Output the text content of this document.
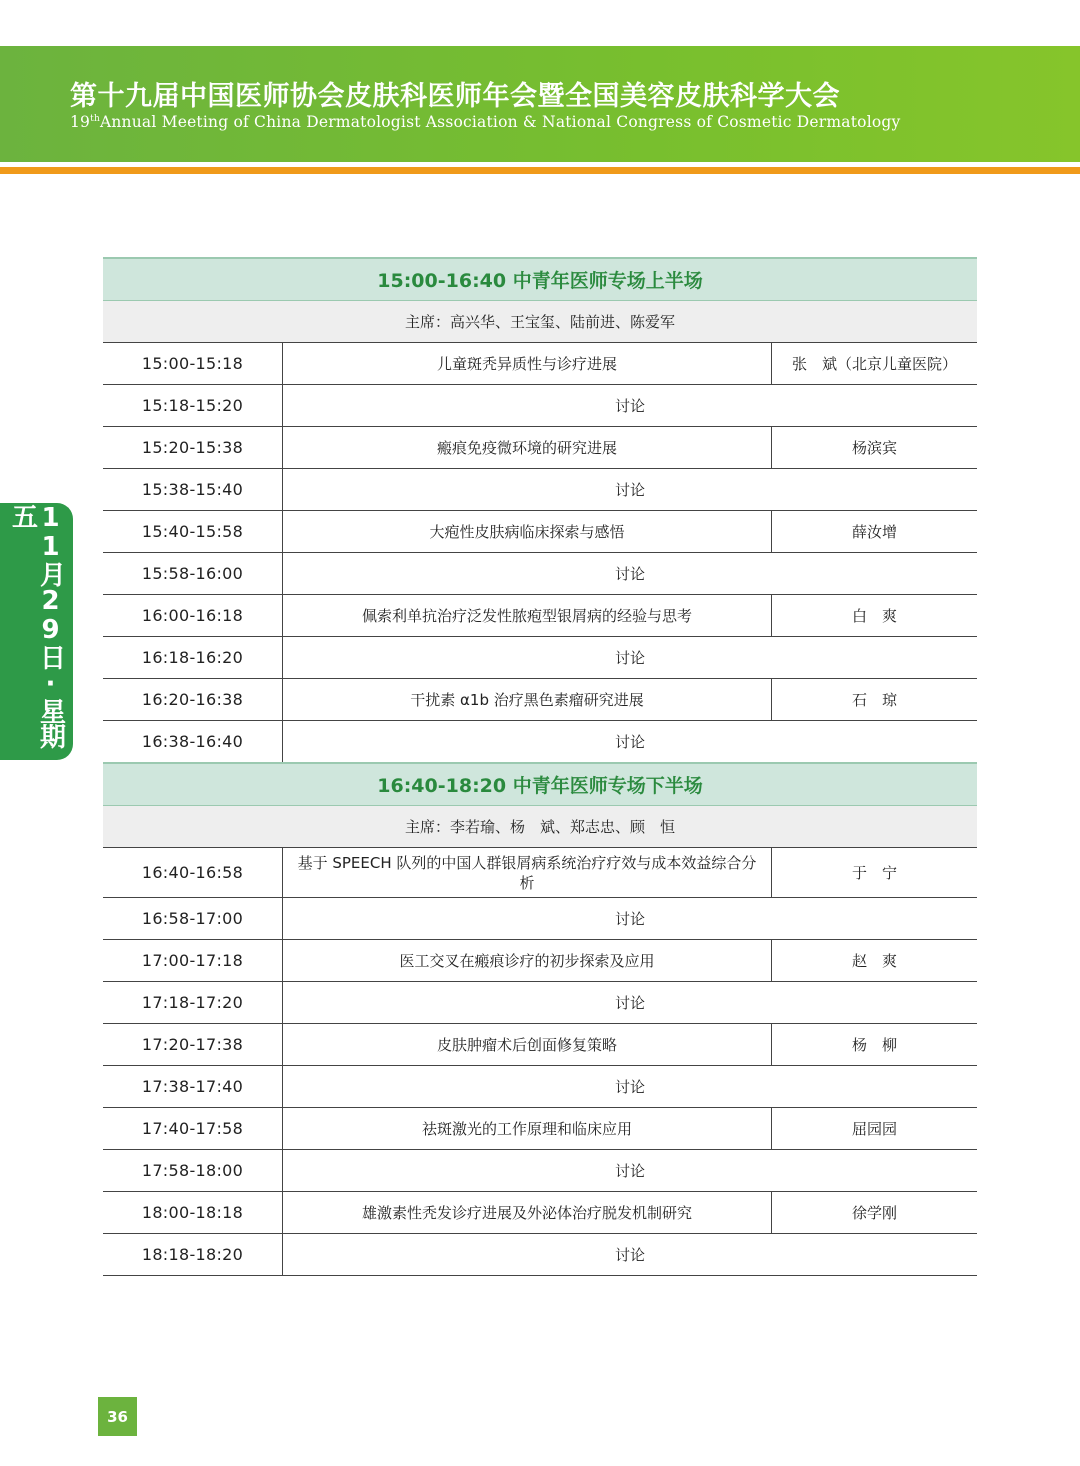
第十九届中国医师协会皮肤科医师年会暨全国美容皮肤科学大会
19thAnnual Meeting of China Dermatologist Association & National Congress of Cosmetic Dermatology
11月29日·星期五
15:00-16:40 中青年医师专场上半场		
主席：高兴华、王宝玺、陆前进、陈爱军		
15:00-15:18	儿童斑秃异质性与诊疗进展	张　斌（北京儿童医院）
15:18-15:20	讨论	
15:20-15:38	瘢痕免疫微环境的研究进展	杨滨宾
15:38-15:40	讨论	
15:40-15:58	大疱性皮肤病临床探索与感悟	薛汝增
15:58-16:00	讨论	
16:00-16:18	佩索利单抗治疗泛发性脓疱型银屑病的经验与思考	白　爽
16:18-16:20	讨论	
16:20-16:38	干扰素 α1b 治疗黑色素瘤研究进展	石　琼
16:38-16:40	讨论	
16:40-18:20 中青年医师专场下半场		
主席：李若瑜、杨　斌、郑志忠、顾　恒		
16:40-16:58	基于 SPEECH 队列的中国人群银屑病系统治疗疗效与成本效益综合分析	于　宁
16:58-17:00	讨论	
17:00-17:18	医工交叉在瘢痕诊疗的初步探索及应用	赵　爽
17:18-17:20	讨论	
17:20-17:38	皮肤肿瘤术后创面修复策略	杨　柳
17:38-17:40	讨论	
17:40-17:58	祛斑激光的工作原理和临床应用	屈园园
17:58-18:00	讨论	
18:00-18:18	雄激素性秃发诊疗进展及外泌体治疗脱发机制研究	徐学刚
18:18-18:20	讨论	
36
